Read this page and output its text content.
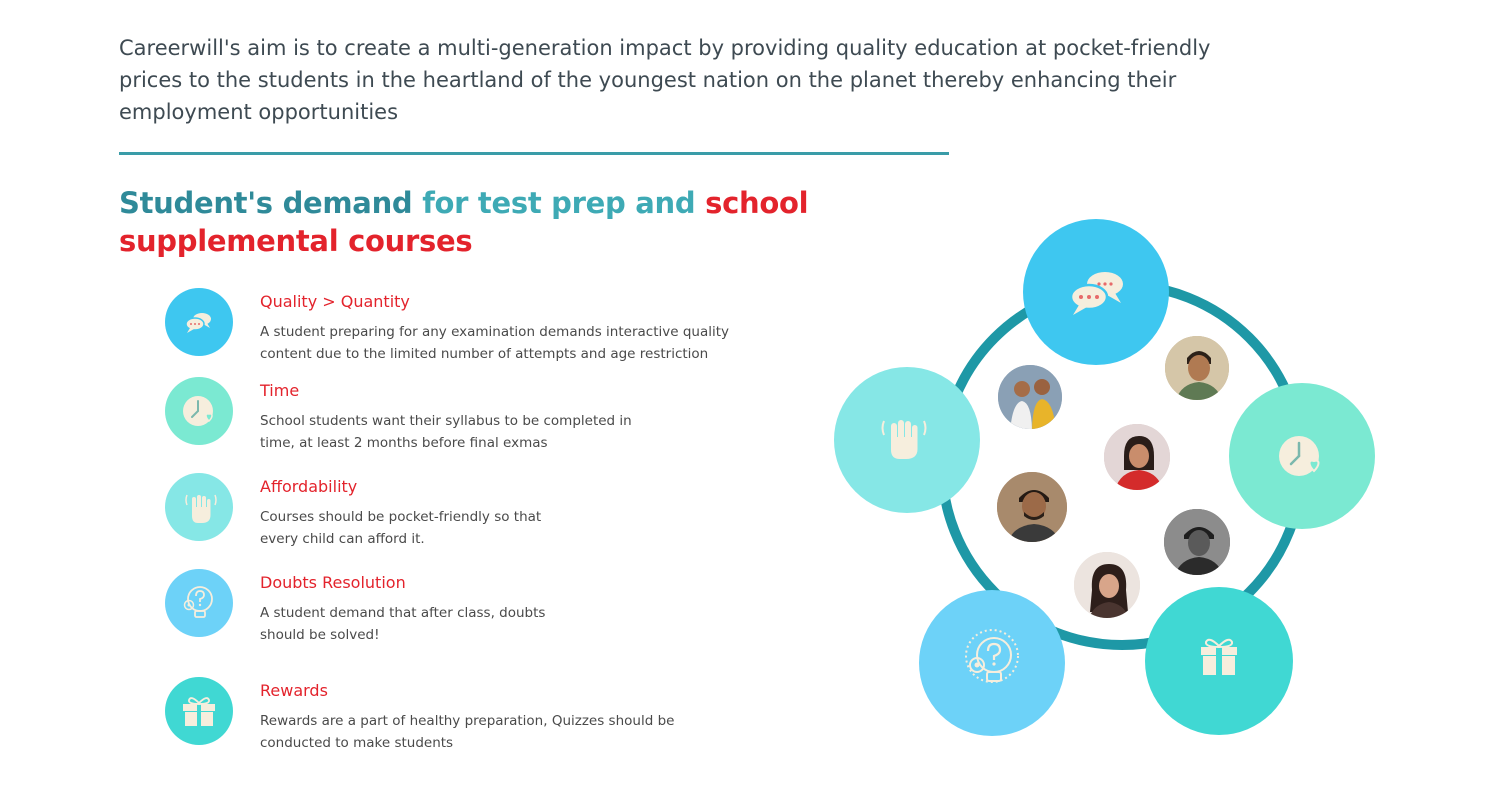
Careerwill's aim is to create a multi-generation impact by providing quality education at pocket-friendly
prices to the students in the heartland of the youngest nation on the planet thereby enhancing their
employment opportunities

Student's demand for test prep and school
supplemental courses
Quality > Quantity

A student preparing for any examination demands interactive quality
content due to the limited number of attempts and age restriction

Time

School students want their syllabus to be completed in
time, at least 2 months before final exmas

Affordability

Courses should be pocket-friendly so that
every child can afford it.

Doubts Resolution

A student demand that after class, doubts
should be solved!

Rewards

Rewards are a part of healthy preparation, Quizzes should be
conducted to make students
